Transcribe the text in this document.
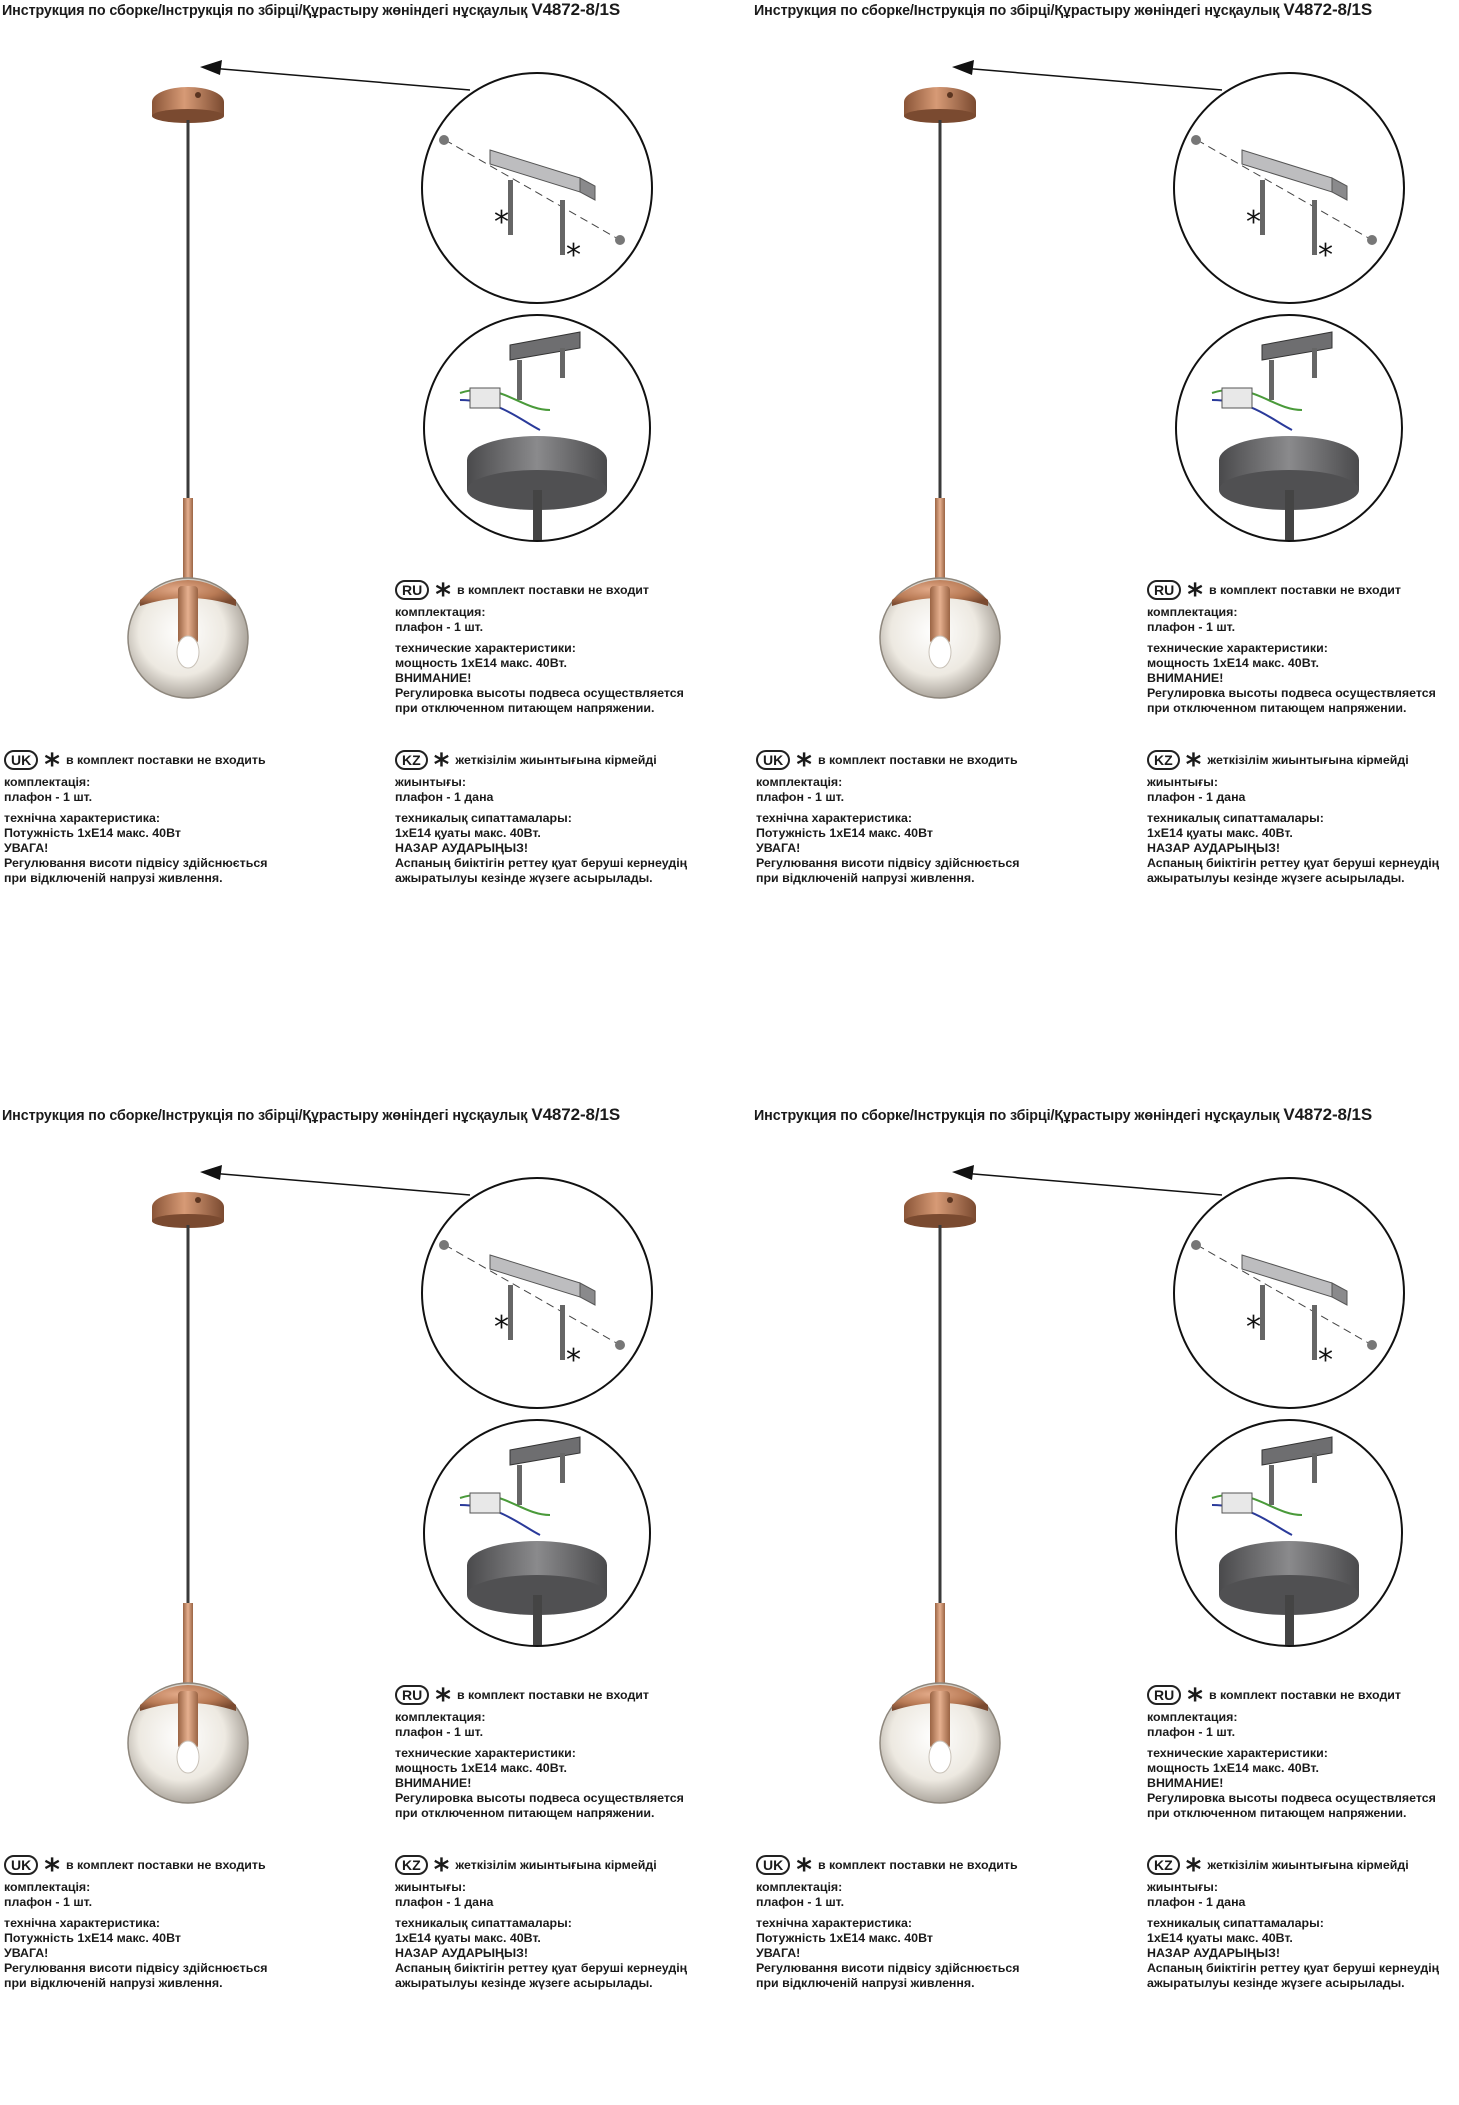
Инструкция по сборке/Інструкція по збірці/Құрастыру жөніндегі нұсқаулық V4872-8/1S
*
*
RU * в комплект поставки не входит
комплектация:
плафон - 1 шт.
технические характеристики:
мощность 1хЕ14 макс. 40Вт.
ВНИМАНИЕ!
Регулировка высоты подвеса осуществляется
при отключенном питающем напряжении.
UK * в комплект поставки не входить
комплектація:
плафон - 1 шт.
технічна характеристика:
Потужність 1хЕ14 макс. 40Вт
УВАГА!
Регулювання висоти підвісу здійснюється
при відключеній напрузі живлення.
KZ * жеткізілім жиынтығына кірмейді
жиынтығы:
плафон - 1 дана
техникалық сипаттамалары:
1хЕ14 қуаты макс. 40Вт.
НАЗАР АУДАРЫҢЫЗ!
Аспаның биіктігін реттеу қуат беруші кернеудің
ажыратылуы кезінде жүзеге асырылады.
Инструкция по сборке/Інструкція по збірці/Құрастыру жөніндегі нұсқаулық V4872-8/1S
*
*
RU * в комплект поставки не входит
комплектация:
плафон - 1 шт.
технические характеристики:
мощность 1хЕ14 макс. 40Вт.
ВНИМАНИЕ!
Регулировка высоты подвеса осуществляется
при отключенном питающем напряжении.
UK * в комплект поставки не входить
комплектація:
плафон - 1 шт.
технічна характеристика:
Потужність 1хЕ14 макс. 40Вт
УВАГА!
Регулювання висоти підвісу здійснюється
при відключеній напрузі живлення.
KZ * жеткізілім жиынтығына кірмейді
жиынтығы:
плафон - 1 дана
техникалық сипаттамалары:
1хЕ14 қуаты макс. 40Вт.
НАЗАР АУДАРЫҢЫЗ!
Аспаның биіктігін реттеу қуат беруші кернеудің
ажыратылуы кезінде жүзеге асырылады.
Инструкция по сборке/Інструкція по збірці/Құрастыру жөніндегі нұсқаулық V4872-8/1S
*
*
RU * в комплект поставки не входит
комплектация:
плафон - 1 шт.
технические характеристики:
мощность 1хЕ14 макс. 40Вт.
ВНИМАНИЕ!
Регулировка высоты подвеса осуществляется
при отключенном питающем напряжении.
UK * в комплект поставки не входить
комплектація:
плафон - 1 шт.
технічна характеристика:
Потужність 1хЕ14 макс. 40Вт
УВАГА!
Регулювання висоти підвісу здійснюється
при відключеній напрузі живлення.
KZ * жеткізілім жиынтығына кірмейді
жиынтығы:
плафон - 1 дана
техникалық сипаттамалары:
1хЕ14 қуаты макс. 40Вт.
НАЗАР АУДАРЫҢЫЗ!
Аспаның биіктігін реттеу қуат беруші кернеудің
ажыратылуы кезінде жүзеге асырылады.
Инструкция по сборке/Інструкція по збірці/Құрастыру жөніндегі нұсқаулық V4872-8/1S
*
*
RU * в комплект поставки не входит
комплектация:
плафон - 1 шт.
технические характеристики:
мощность 1хЕ14 макс. 40Вт.
ВНИМАНИЕ!
Регулировка высоты подвеса осуществляется
при отключенном питающем напряжении.
UK * в комплект поставки не входить
комплектація:
плафон - 1 шт.
технічна характеристика:
Потужність 1хЕ14 макс. 40Вт
УВАГА!
Регулювання висоти підвісу здійснюється
при відключеній напрузі живлення.
KZ * жеткізілім жиынтығына кірмейді
жиынтығы:
плафон - 1 дана
техникалық сипаттамалары:
1хЕ14 қуаты макс. 40Вт.
НАЗАР АУДАРЫҢЫЗ!
Аспаның биіктігін реттеу қуат беруші кернеудің
ажыратылуы кезінде жүзеге асырылады.
